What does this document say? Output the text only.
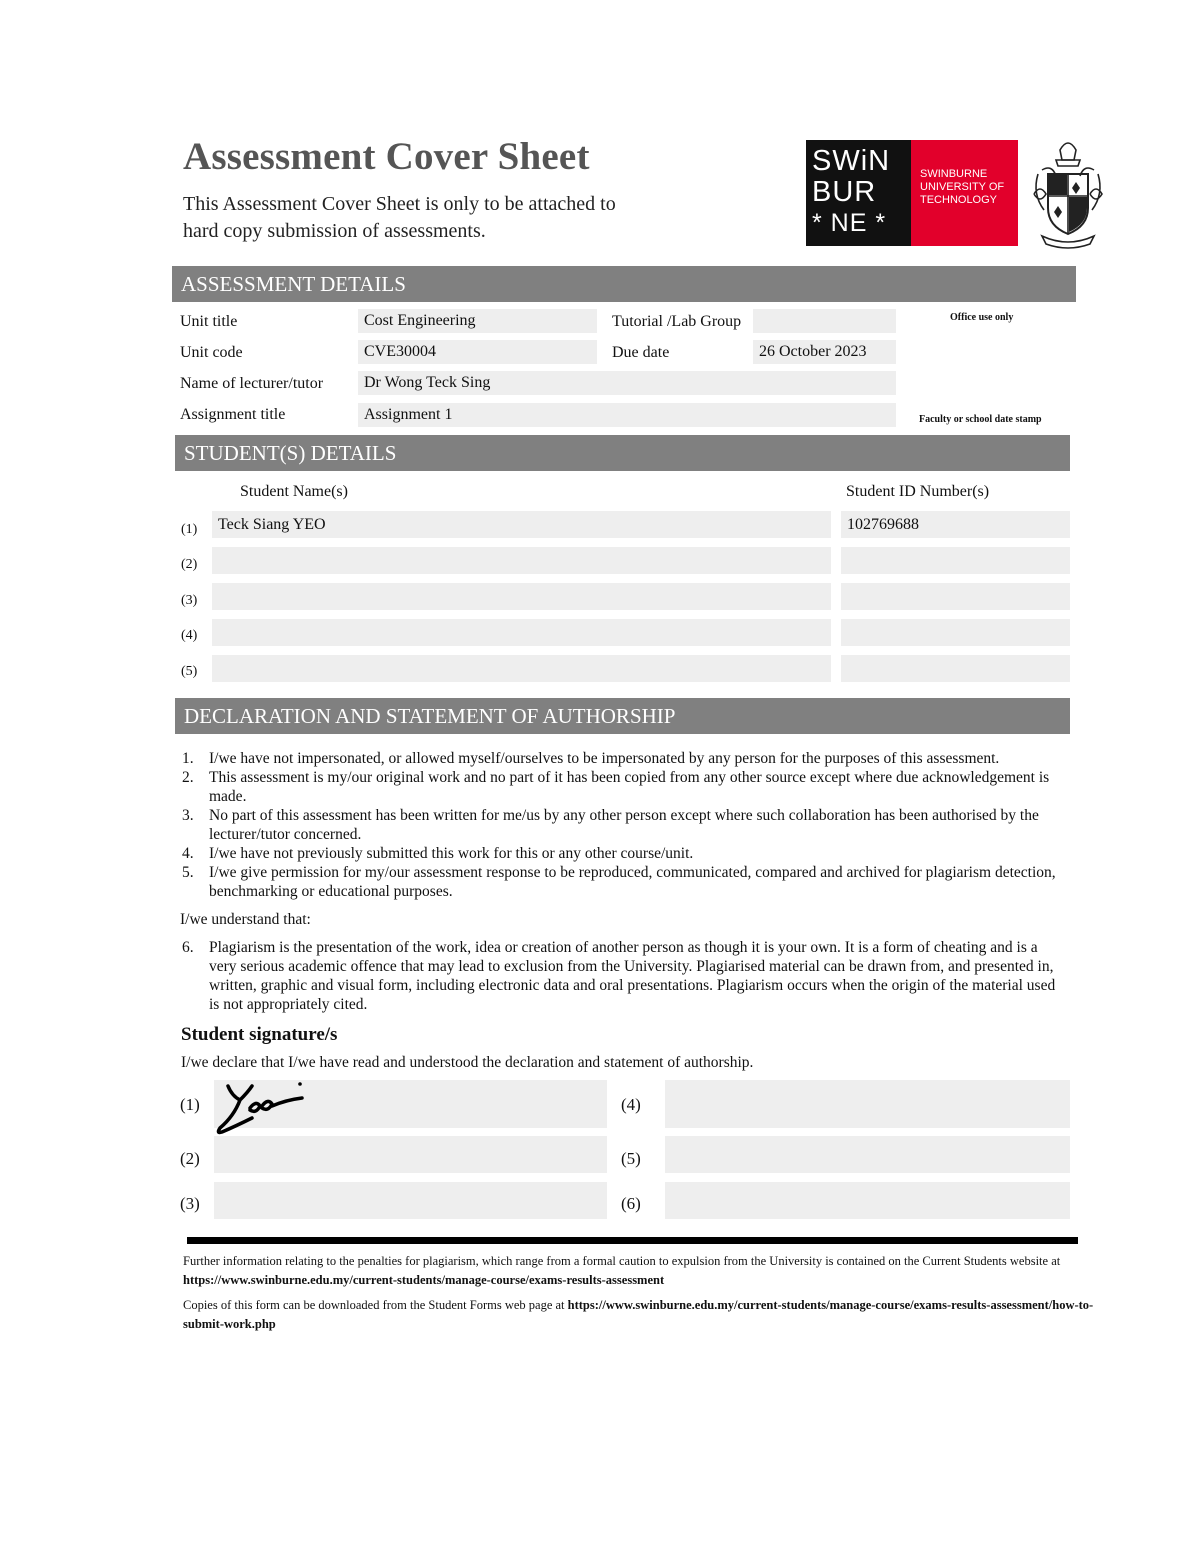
Assessment Cover Sheet
This Assessment Cover Sheet is only to be attached to
hard copy submission of assessments.
SWiN
BUR
* NE *
SWINBURNE
UNIVERSITY OF
TECHNOLOGY
ASSESSMENT DETAILS
Unit title	Cost Engineering	Tutorial /Lab Group	Office use only
Unit code	CVE30004	Due date	26 October 2023
Name of lecturer/tutor	Dr Wong Teck Sing
Assignment title	Assignment 1	Faculty or school date stamp
STUDENT(S) DETAILS
Student Name(s)	Student ID Number(s)
(1)	Teck Siang YEO	102769688
(2)
(3)
(4)
(5)
DECLARATION AND STATEMENT OF AUTHORSHIP
1. I/we have not impersonated, or allowed myself/ourselves to be impersonated by any person for the purposes of this assessment.
2. This assessment is my/our original work and no part of it has been copied from any other source except where due acknowledgement is made.
3. No part of this assessment has been written for me/us by any other person except where such collaboration has been authorised by the lecturer/tutor concerned.
4. I/we have not previously submitted this work for this or any other course/unit.
5. I/we give permission for my/our assessment response to be reproduced, communicated, compared and archived for plagiarism detection, benchmarking or educational purposes.
I/we understand that:
6. Plagiarism is the presentation of the work, idea or creation of another person as though it is your own. It is a form of cheating and is a very serious academic offence that may lead to exclusion from the University. Plagiarised material can be drawn from, and presented in, written, graphic and visual form, including electronic data and oral presentations. Plagiarism occurs when the origin of the material used is not appropriately cited.
Student signature/s
I/we declare that I/we have read and understood the declaration and statement of authorship.
(1)
(2)
(3)
(4)
(5)
(6)
Further information relating to the penalties for plagiarism, which range from a formal caution to expulsion from the University is contained on the Current Students website at https://www.swinburne.edu.my/current-students/manage-course/exams-results-assessment
Copies of this form can be downloaded from the Student Forms web page at https://www.swinburne.edu.my/current-students/manage-course/exams-results-assessment/how-to-submit-work.php
